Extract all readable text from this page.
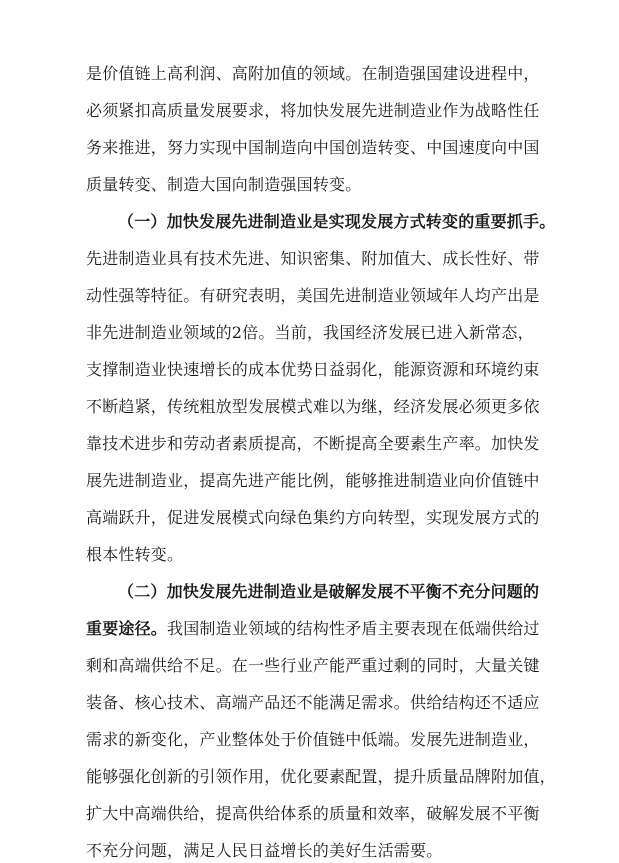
是价值链上高利润、高附加值的领域。在制造强国建设进程中，
必须紧扣高质量发展要求，将加快发展先进制造业作为战略性任
务来推进，努力实现中国制造向中国创造转变、中国速度向中国
质量转变、制造大国向制造强国转变。
（一）加快发展先进制造业是实现发展方式转变的重要抓手。
先进制造业具有技术先进、知识密集、附加值大、成长性好、带
动性强等特征。有研究表明，美国先进制造业领域年人均产出是
非先进制造业领域的2倍。当前，我国经济发展已进入新常态，
支撑制造业快速增长的成本优势日益弱化，能源资源和环境约束
不断趋紧，传统粗放型发展模式难以为继，经济发展必须更多依
靠技术进步和劳动者素质提高，不断提高全要素生产率。加快发
展先进制造业，提高先进产能比例，能够推进制造业向价值链中
高端跃升，促进发展模式向绿色集约方向转型，实现发展方式的
根本性转变。
（二）加快发展先进制造业是破解发展不平衡不充分问题的
重要途径。我国制造业领域的结构性矛盾主要表现在低端供给过
剩和高端供给不足。在一些行业产能严重过剩的同时，大量关键
装备、核心技术、高端产品还不能满足需求。供给结构还不适应
需求的新变化，产业整体处于价值链中低端。发展先进制造业，
能够强化创新的引领作用，优化要素配置，提升质量品牌附加值，
扩大中高端供给，提高供给体系的质量和效率，破解发展不平衡
不充分问题，满足人民日益增长的美好生活需要。
